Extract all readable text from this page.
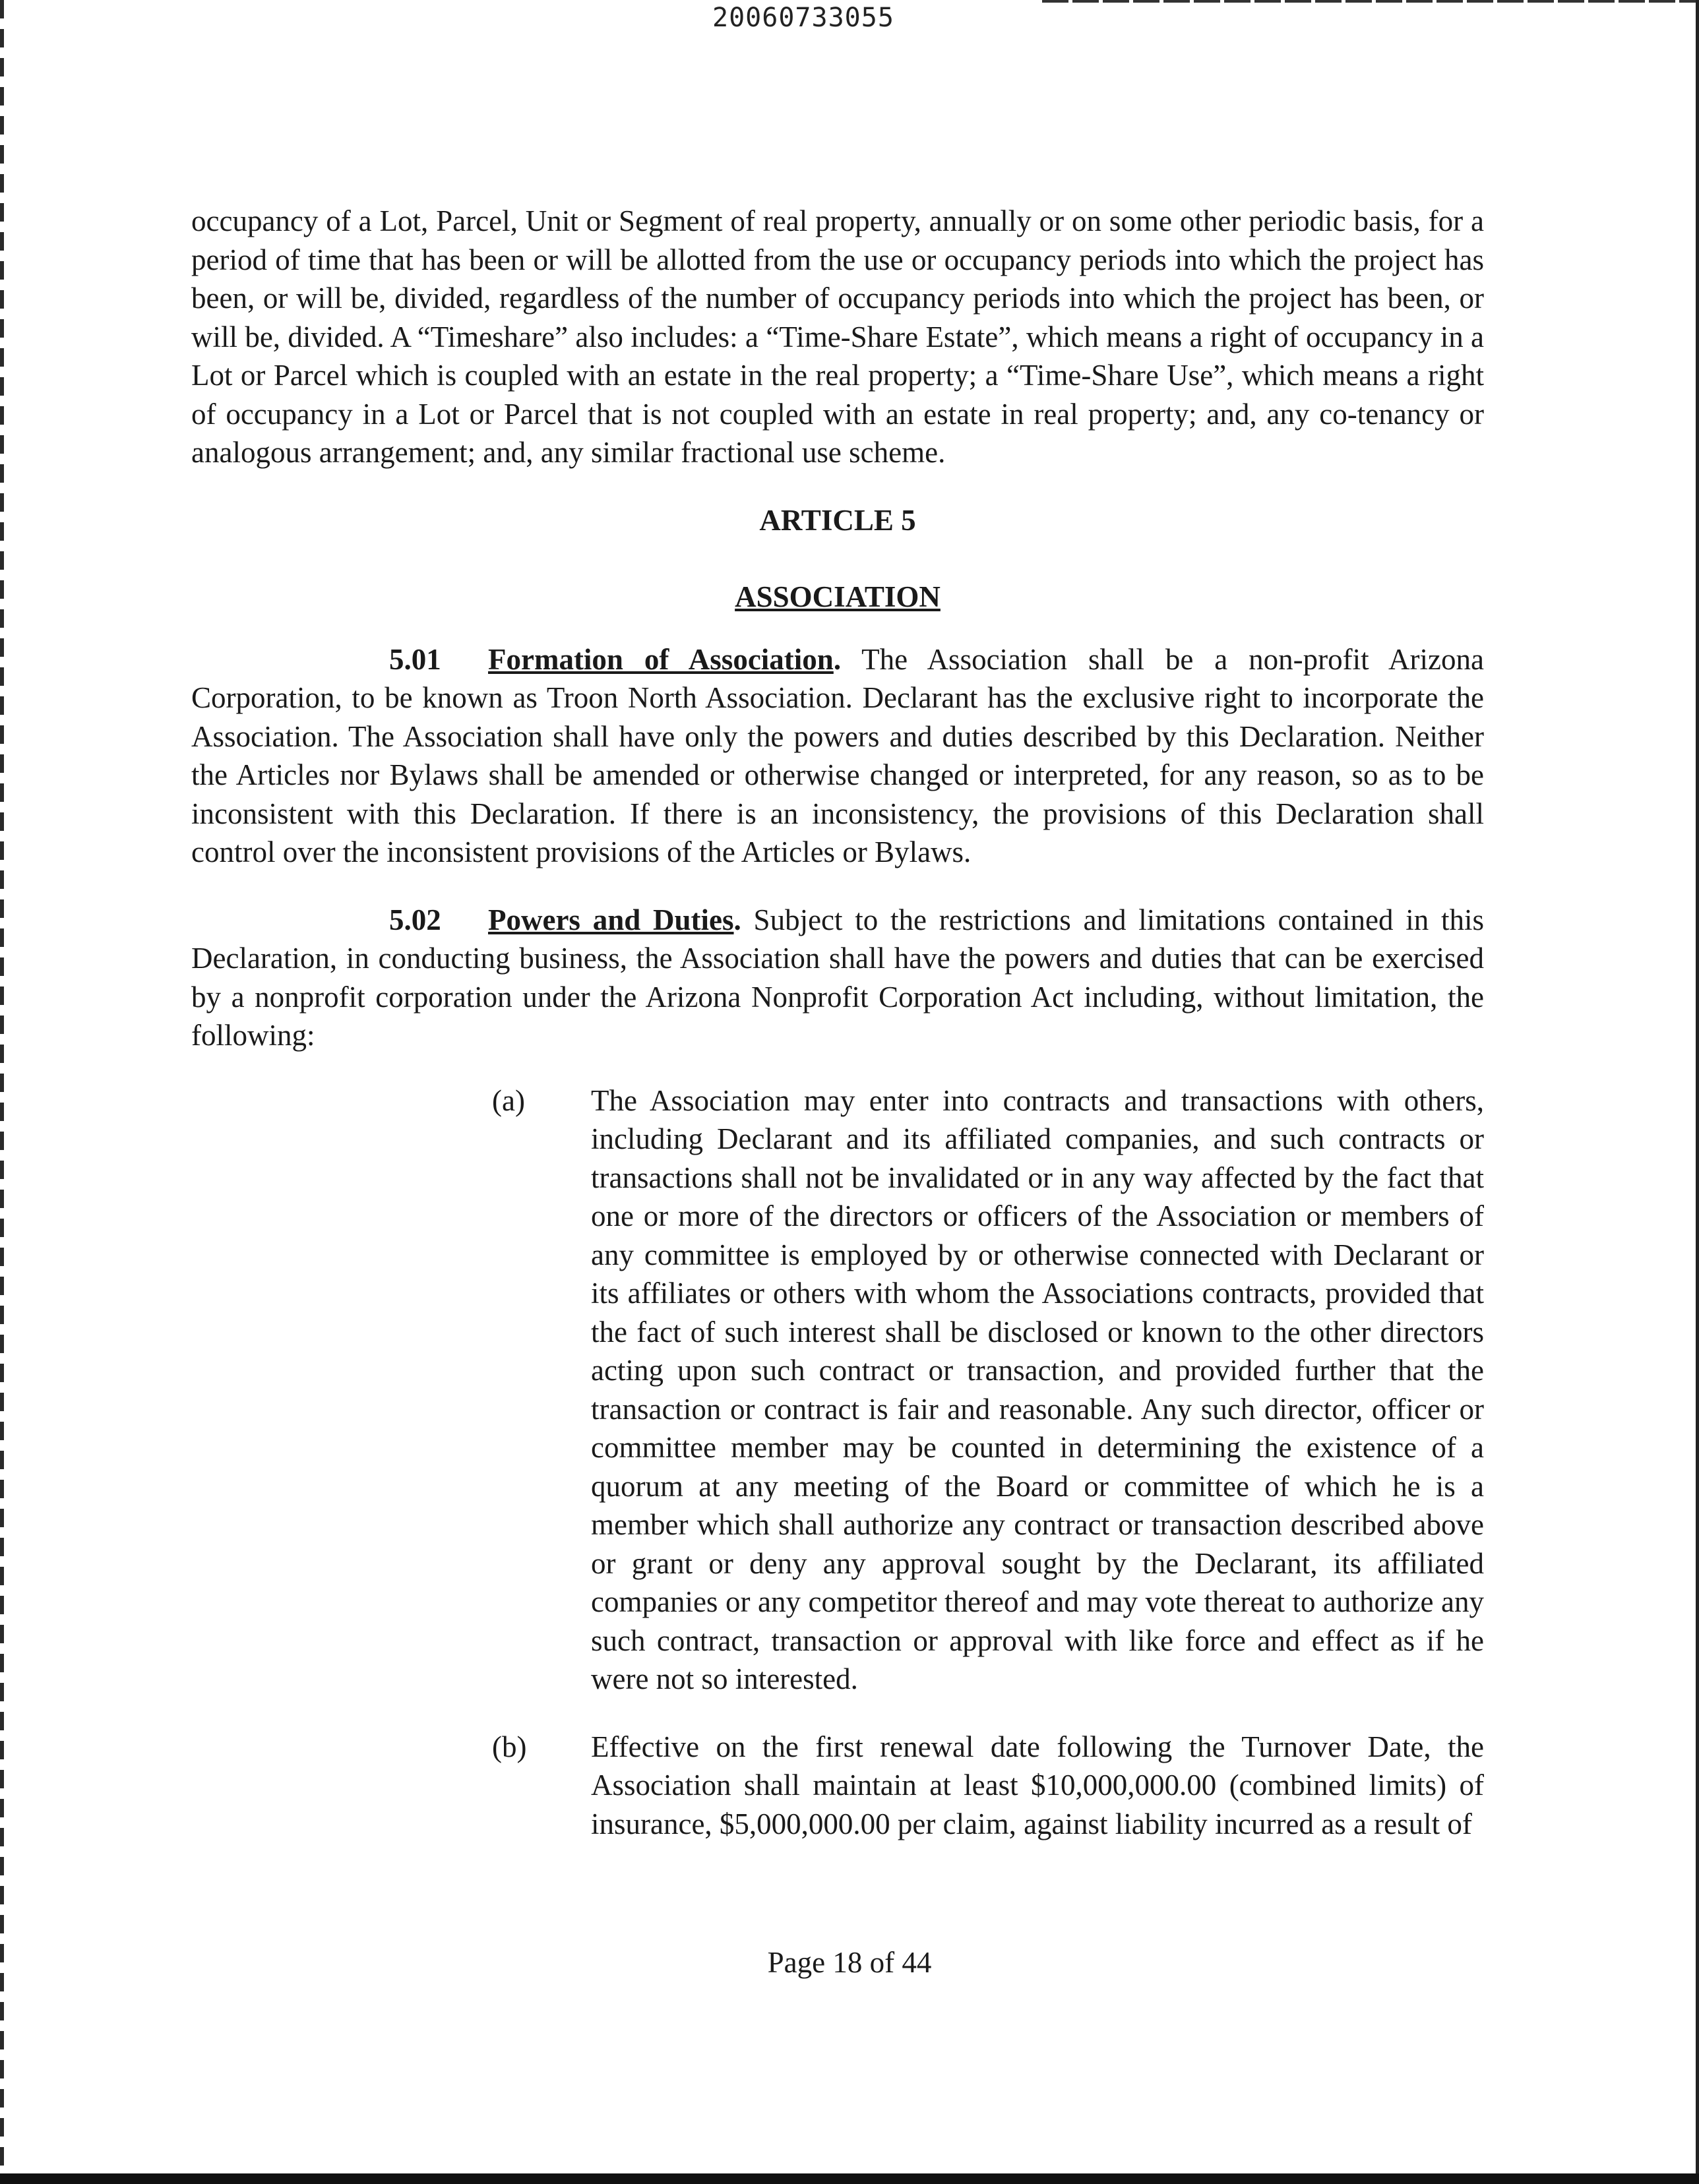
20060733055

occupancy of a Lot, Parcel, Unit or Segment of real property, annually or on some other periodic basis, for a period of time that has been or will be allotted from the use or occupancy periods into which the project has been, or will be, divided, regardless of the number of occupancy periods into which the project has been, or will be, divided. A “Timeshare” also includes: a “Time-Share Estate”, which means a right of occupancy in a Lot or Parcel which is coupled with an estate in the real property; a “Time-Share Use”, which means a right of occupancy in a Lot or Parcel that is not coupled with an estate in real property; and, any co-tenancy or analogous arrangement; and, any similar fractional use scheme.

ARTICLE 5

ASSOCIATION

5.01 Formation of Association. The Association shall be a non-profit Arizona Corporation, to be known as Troon North Association. Declarant has the exclusive right to incorporate the Association. The Association shall have only the powers and duties described by this Declaration. Neither the Articles nor Bylaws shall be amended or otherwise changed or interpreted, for any reason, so as to be inconsistent with this Declaration. If there is an inconsistency, the provisions of this Declaration shall control over the inconsistent provisions of the Articles or Bylaws.

5.02 Powers and Duties. Subject to the restrictions and limitations contained in this Declaration, in conducting business, the Association shall have the powers and duties that can be exercised by a nonprofit corporation under the Arizona Nonprofit Corporation Act including, without limitation, the following:

(a) The Association may enter into contracts and transactions with others, including Declarant and its affiliated companies, and such contracts or transactions shall not be invalidated or in any way affected by the fact that one or more of the directors or officers of the Association or members of any committee is employed by or otherwise connected with Declarant or its affiliates or others with whom the Associations contracts, provided that the fact of such interest shall be disclosed or known to the other directors acting upon such contract or transaction, and provided further that the transaction or contract is fair and reasonable. Any such director, officer or committee member may be counted in determining the existence of a quorum at any meeting of the Board or committee of which he is a member which shall authorize any contract or transaction described above or grant or deny any approval sought by the Declarant, its affiliated companies or any competitor thereof and may vote thereat to authorize any such contract, transaction or approval with like force and effect as if he were not so interested.

(b) Effective on the first renewal date following the Turnover Date, the Association shall maintain at least $10,000,000.00 (combined limits) of insurance, $5,000,000.00 per claim, against liability incurred as a result of

Page 18 of 44
